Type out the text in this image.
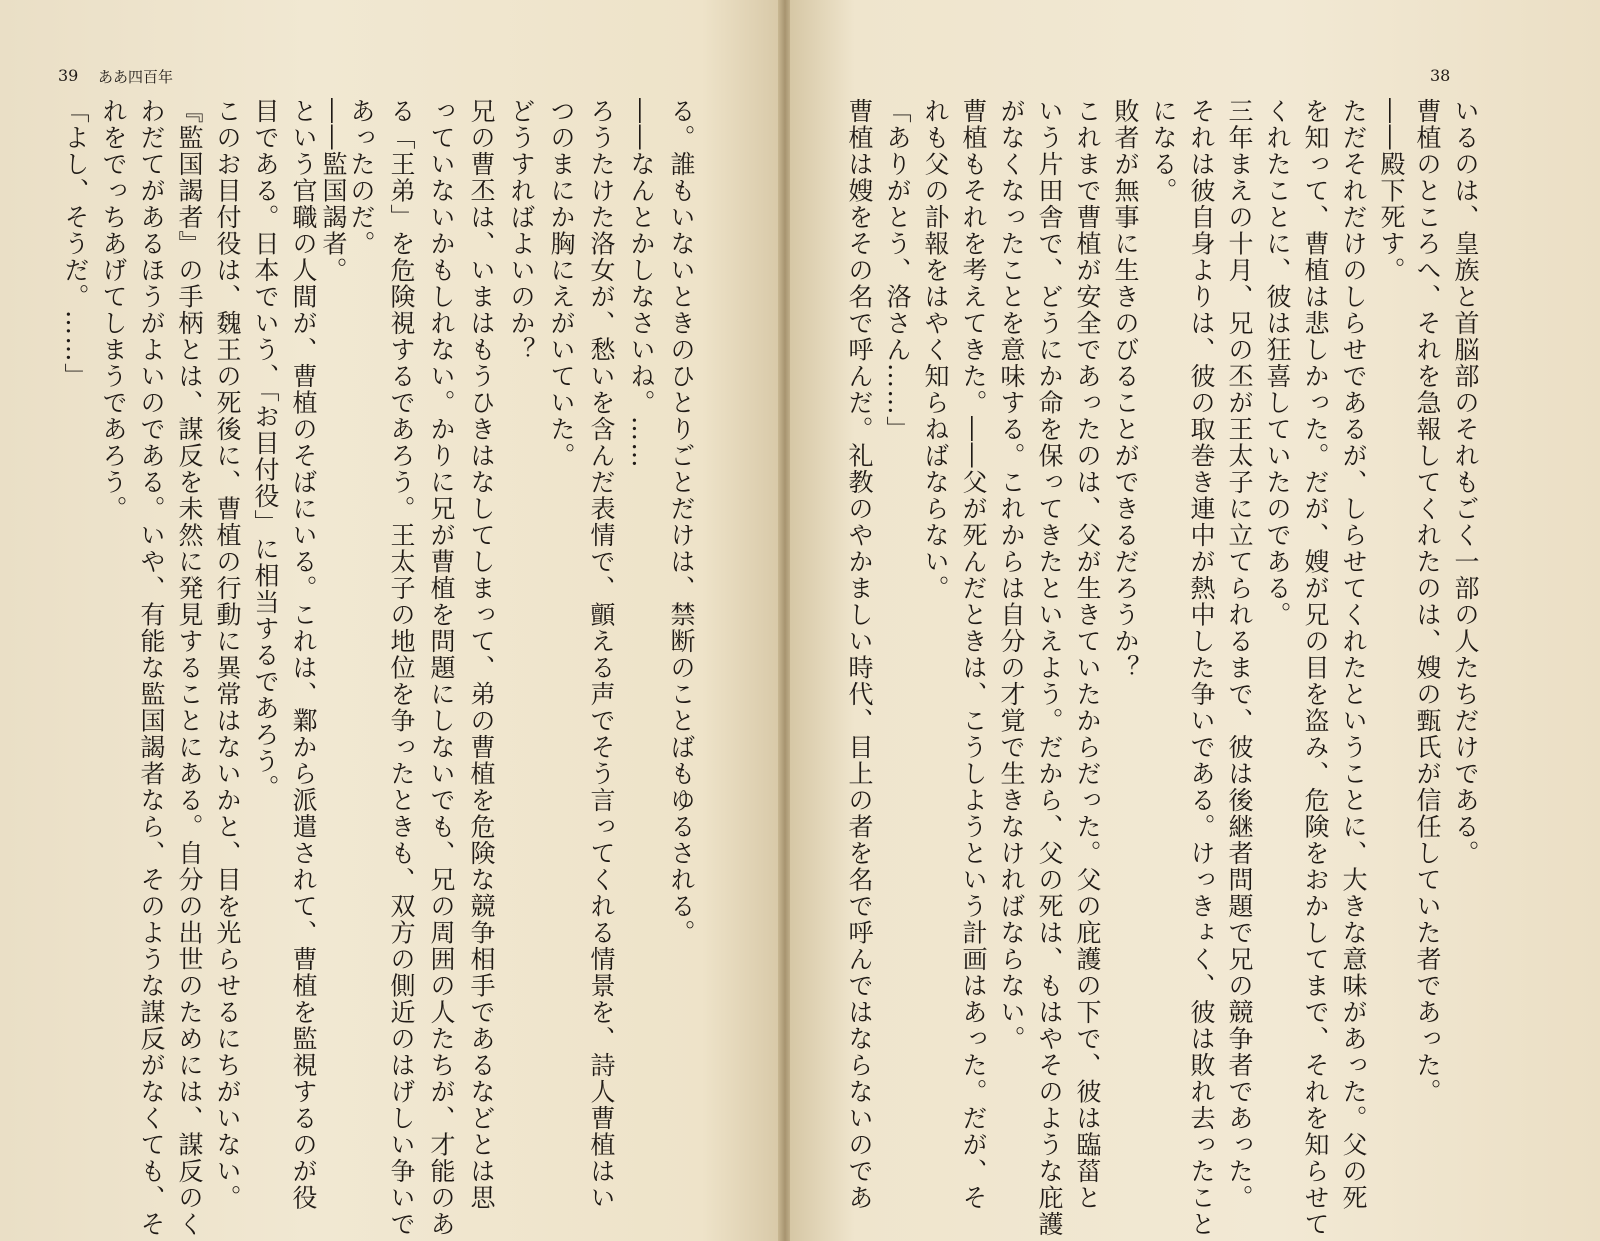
39 ああ四百年
る。誰もいないときのひとりごとだけは、禁断のことばもゆるされる。
――なんとかしなさいね。……
ろうたけた洛女が、愁いを含んだ表情で、顫える声でそう言ってくれる情景を、詩人曹植はい
つのまにか胸にえがいていた。
どうすればよいのか？
兄の曹丕は、いまはもうひきはなしてしまって、弟の曹植を危険な競争相手であるなどとは思
っていないかもしれない。かりに兄が曹植を問題にしないでも、兄の周囲の人たちが、才能のあ
る「王弟」を危険視するであろう。王太子の地位を争ったときも、双方の側近のはげしい争いで
あったのだ。
――監国謁者。
という官職の人間が、曹植のそばにいる。これは、鄴から派遣されて、曹植を監視するのが役
目である。日本でいう、「お目付役」に相当するであろう。
このお目付役は、魏王の死後に、曹植の行動に異常はないかと、目を光らせるにちがいない。
『監国謁者』の手柄とは、謀反を未然に発見することにある。自分の出世のためには、謀反のく
わだてがあるほうがよいのである。いや、有能な監国謁者なら、そのような謀反がなくても、そ
れをでっちあげてしまうであろう。
「よし、そうだ。……」
38
いるのは、皇族と首脳部のそれもごく一部の人たちだけである。
曹植のところへ、それを急報してくれたのは、嫂の甄氏が信任していた者であった。
――殿下死す。
ただそれだけのしらせであるが、しらせてくれたということに、大きな意味があった。父の死
を知って、曹植は悲しかった。だが、嫂が兄の目を盗み、危険をおかしてまで、それを知らせて
くれたことに、彼は狂喜していたのである。
三年まえの十月、兄の丕が王太子に立てられるまで、彼は後継者問題で兄の競争者であった。
それは彼自身よりは、彼の取巻き連中が熱中した争いである。けっきょく、彼は敗れ去ったこと
になる。
敗者が無事に生きのびることができるだろうか？
これまで曹植が安全であったのは、父が生きていたからだった。父の庇護の下で、彼は臨菑と
いう片田舎で、どうにか命を保ってきたといえよう。だから、父の死は、もはやそのような庇護
がなくなったことを意味する。これからは自分の才覚で生きなければならない。
曹植もそれを考えてきた。――父が死んだときは、こうしようという計画はあった。だが、そ
れも父の訃報をはやく知らねばならない。
「ありがとう、洛さん……」
曹植は嫂をその名で呼んだ。礼教のやかましい時代、目上の者を名で呼んではならないのであ
